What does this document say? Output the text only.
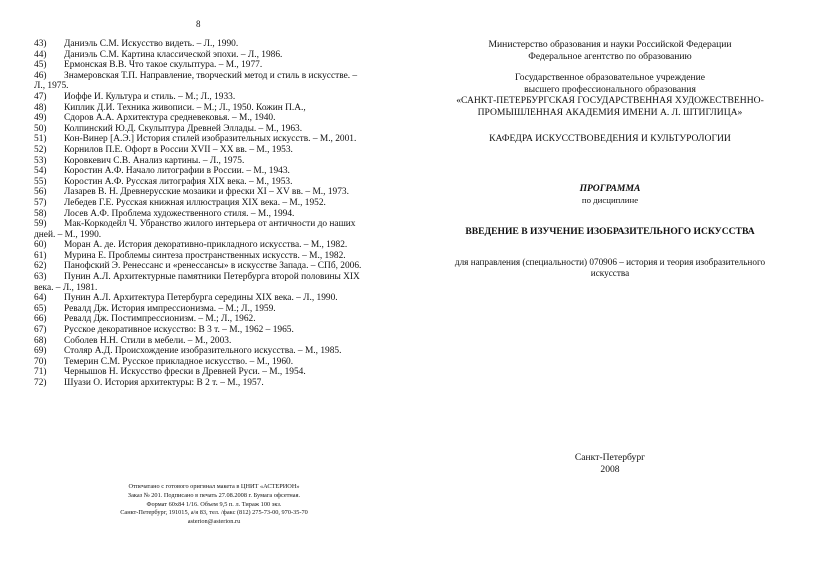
8
43)	Даниэль С.М. Искусство видеть. – Л., 1990.
44)	Даниэль С.М. Картина классической эпохи. – Л., 1986.
45)	Ермонская В.В. Что такое скульптура. – М., 1977.
46)	Знамеровская Т.П. Направление, творческий метод и стиль в искусстве. –
Л., 1975.
47)	Иоффе И. Культура и стиль. – М.; Л., 1933.
48)	Киплик Д.И. Техника живописи. – М.; Л., 1950. Кожин П.А.,
49)	Сдоров А.А. Архитектура средневековья. – М., 1940.
50)	Колпинский Ю.Д. Скульптура Древней Эллады. – М., 1963.
51)	Кон-Винер [А.Э.] История стилей изобразительных искусств. – М., 2001.
52)	Корнилов П.Е. Офорт в России XVII – XX вв. – М., 1953.
53)	Коровкевич С.В. Анализ картины. – Л., 1975.
54)	Коростин А.Ф. Начало литографии в России. – М., 1943.
55)	Коростин А.Ф. Русская литография XIX века. – М., 1953.
56)	Лазарев В. Н. Древнерусские мозаики и фрески XI – XV вв. – М., 1973.
57)	Лебедев Г.Е. Русская книжная иллюстрация XIX века. – М., 1952.
58)	Лосев А.Ф. Проблема художественного стиля. – М., 1994.
59)	Мак-Коркодейл Ч. Убранство жилого интерьера от античности до наших
дней. – М., 1990.
60)	Моран А. де. История декоративно-прикладного искусства. – М., 1982.
61)	Мурина Е. Проблемы синтеза пространственных искусств. – М., 1982.
62)	Панофский Э. Ренессанс и «ренессансы» в искусстве Запада. – СПб, 2006.
63)	Пунин А.Л. Архитектурные памятники Петербурга второй половины XIX
века. – Л., 1981.
64)	Пунин А.Л. Архитектура Петербурга середины XIX века. – Л., 1990.
65)	Ревалд Дж. История импрессионизма. – М.; Л., 1959.
66)	Ревалд Дж. Постимпрессионизм. – М.; Л., 1962.
67)	Русское декоративное искусство: В 3 т. – М., 1962 – 1965.
68)	Соболев Н.Н. Стили в мебели. – М., 2003.
69)	Столяр А.Д. Происхождение изобразительного искусства. – М., 1985.
70)	Темерин С.М. Русское прикладное искусство. – М., 1960.
71)	Чернышов Н. Искусство фрески в Древней Руси. – М., 1954.
72)	Шуази О. История архитектуры: В 2 т. – М., 1957.
Отпечатано с готового оригинал макета в ЦНИТ «АСТЕРИОН»
Заказ № 201. Подписано в печать 27.08.2008 г. Бумага офсетная.
Формат 60х84 1/16. Объем 9,5 п. л. Тираж 100 экз.
Санкт-Петербург, 191015, а/я 83, тел. /факс (812) 275-73-00, 970-35-70
asterion@asterion.ru
Министерство образования и науки Российской Федерации
Федеральное агентство по образованию
Государственное образовательное учреждение
высшего профессионального образования
«САНКТ-ПЕТЕРБУРГСКАЯ ГОСУДАРСТВЕННАЯ ХУДОЖЕСТВЕННО-
ПРОМЫШЛЕННАЯ АКАДЕМИЯ ИМЕНИ А. Л. ШТИГЛИЦА»
КАФЕДРА ИСКУССТВОВЕДЕНИЯ И КУЛЬТУРОЛОГИИ
ПРОГРАММА
по дисциплине
ВВЕДЕНИЕ В ИЗУЧЕНИЕ ИЗОБРАЗИТЕЛЬНОГО ИСКУССТВА
для направления (специальности) 070906 – история и теория изобразительного
искусства
Санкт-Петербург
2008
